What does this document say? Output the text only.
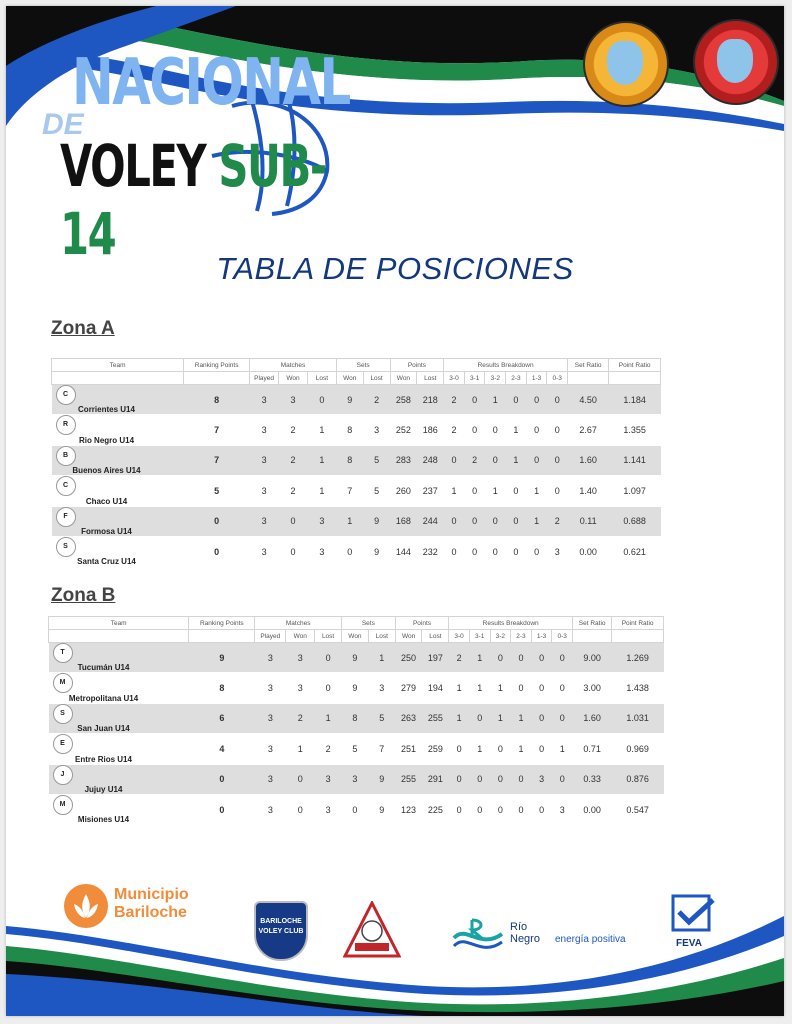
NACIONAL
DE
VOLEY SUB-14
TABLA DE POSICIONES
Zona A
Team	Ranking Points	Matches			Sets		Points		Results Breakdown						Set Ratio	Point Ratio
		Played	Won	Lost	Won	Lost	Won	Lost	3-0	3-1	3-2	2-3	1-3	0-3		
CCorrientes U14	8	3	3	0	9	2	258	218	2	0	1	0	0	0	4.50	1.184
RRio Negro U14	7	3	2	1	8	3	252	186	2	0	0	1	0	0	2.67	1.355
BBuenos Aires U14	7	3	2	1	8	5	283	248	0	2	0	1	0	0	1.60	1.141
CChaco U14	5	3	2	1	7	5	260	237	1	0	1	0	1	0	1.40	1.097
FFormosa U14	0	3	0	3	1	9	168	244	0	0	0	0	1	2	0.11	0.688
SSanta Cruz U14	0	3	0	3	0	9	144	232	0	0	0	0	0	3	0.00	0.621
Zona B
Team	Ranking Points	Matches			Sets		Points		Results Breakdown						Set Ratio	Point Ratio
		Played	Won	Lost	Won	Lost	Won	Lost	3-0	3-1	3-2	2-3	1-3	0-3		
TTucumán U14	9	3	3	0	9	1	250	197	2	1	0	0	0	0	9.00	1.269
MMetropolitana U14	8	3	3	0	9	3	279	194	1	1	1	0	0	0	3.00	1.438
SSan Juan U14	6	3	2	1	8	5	263	255	1	0	1	1	0	0	1.60	1.031
EEntre Rios U14	4	3	1	2	5	7	251	259	0	1	0	1	0	1	0.71	0.969
JJujuy U14	0	3	0	3	3	9	255	291	0	0	0	0	3	0	0.33	0.876
MMisiones U14	0	3	0	3	0	9	123	225	0	0	0	0	0	3	0.00	0.547
Municipio
Bariloche
BARILOCHE
VOLEY CLUB	Río
Negro energía positiva	FEVA
